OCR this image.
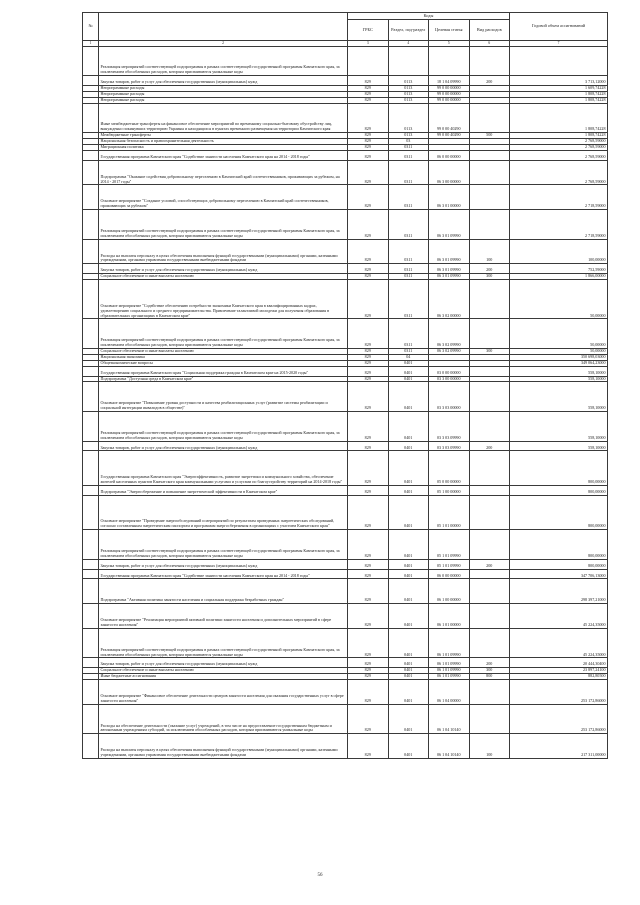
№		Коды				Годовой объем ассигнований
		ГРБС	Раздел, под-раздел	Целевая статья	Вид расходов	
1	2	3	4	5	6	7
	Реализация мероприятий соответствующей подпрограммы в рамках соответствующей государственной программы Камчатского края, за исключением обособленных расходов, которым присваиваются уникальные коды					
	Закупка товаров, работ и услуг для обеспечения государственных (муниципальных) нужд	829	0113	18 1 04 09990	200	3 713,12000
	Непрограммные расходы	829	0113	99 0 00 00000		1 609,74228
	Непрограммные расходы	829	0113	99 0 00 00000		1 808,74228
	Непрограммные расходы	829	0113	99 0 00 00000		1 808,74228
	Иные межбюджетные трансферты на финансовое обеспечение мероприятий по временному социально-бытовому обустройству лиц, вынужденно покинувших территорию Украины и находящихся в пунктах временного размещения на территории Камчатского края	829	0113	99 0 00 40290		1 808,74228
	Межбюджетные трансферты	829	0113	99 0 00 40290	500	1 808,74228
	Национальная безопасность и правоохранительная деятельность	829	03			2 768,59000
	Миграционная политика	829	0311			2 768,59000
	Государственная программа Камчатского края "Содействие занятости населения Камчатского края на 2014 - 2018 годы"	829	0311	06 0 00 00000		2 768,59000
	Подпрограмма "Оказание содействия добровольному переселению в Камчатский край соотечественников, проживающих за рубежом, на 2014 - 2017 годы"	829	0311	06 3 00 00000		2 768,59000
	Основное мероприятие "Создание условий, способствующих добровольному переселению в Камчатский край соотечественников, проживающих за рубежом"	829	0311	06 3 01 00000		2 718,59000
	Реализация мероприятий соответствующей подпрограммы в рамках соответствующей государственной программы Камчатского края, за исключением обособленных расходов, которым присваиваются уникальные коды	829	0311	06 3 01 09990		2 718,59000
	Расходы на выплаты персоналу в целях обеспечения выполнения функций государственными (муниципальными) органами, казенными учреждениями, органами управления государственными внебюджетными фондами	829	0311	06 3 01 09990	100	100,00000
	Закупка товаров, работ и услуг для обеспечения государственных (муниципальных) нужд	829	0311	06 3 01 09990	200	752,59000
	Социальное обеспечение и иные выплаты населению	829	0311	06 3 01 09990	300	1 866,00000
	Основное мероприятие "Содействие обеспечению потребности экономики Камчатского края в квалифицированных кадрах, удовлетворению социального и среднего предпринимательства. Привлечение талантливой молодежи для получения образования в образовательных организациях в Камчатском крае"	829	0311	06 3 02 00000		50,00000
	Реализация мероприятий соответствующей подпрограммы в рамках соответствующей государственной программы Камчатского края, за исключением обособленных расходов, которым присваиваются уникальные коды	829	0311	06 3 02 09990		50,00000
	Социальное обеспечение и иные выплаты населению	829	0311	06 3 02 09990	300	50,00000
	Национальная экономика	829	04			350 698,03000
	Общеэкономические вопросы	829	0401			349 064,23000
	Государственная программа Камчатского края "Социальная поддержка граждан в Камчатском крае на 2015-2020 годы"	829	0401	03 0 00 00000		558,10000
	Подпрограмма "Доступная среда в Камчатском крае"	829	0401	03 3 00 00000		558,10000
	Основное мероприятие "Повышение уровня доступности и качества реабилитационных услуг (развитие системы реабилитации и социальной интеграции инвалидов в обществе)"	829	0401	03 3 03 00000		558,10000
	Реализация мероприятий соответствующей подпрограммы в рамках соответствующей государственной программы Камчатского края, за исключением обособленных расходов, которым присваиваются уникальные коды	829	0401	03 3 03 09990		558,10000
	Закупка товаров, работ и услуг для обеспечения государственных (муниципальных) нужд	829	0401	03 3 03 09990	200	558,10000
	Государственная программа Камчатского края "Энергоэффективность, развитие энергетики и коммунального хозяйства, обеспечение жителей населенных пунктов Камчатского края коммунальными услугами и услугами по благоустройству территорий на 2014-2018 годы"	829	0401	05 0 00 00000		800,00000
	Подпрограмма "Энергосбережение и повышение энергетической эффективности в Камчатском крае"	829	0401	05 1 00 00000		800,00000
	Основное мероприятие "Проведение энергообследований и мероприятий по результатам проведенных энергетических обследований, согласно составленным энергетическим паспортам и программам энергосбережения в организациях с участием Камчатского края"	829	0401	05 1 01 00000		800,00000
	Реализация мероприятий соответствующей подпрограммы в рамках соответствующей государственной программы Камчатского края, за исключением обособленных расходов, которым присваиваются уникальные коды	829	0401	05 1 01 09990		800,00000
	Закупка товаров, работ и услуг для обеспечения государственных (муниципальных) нужд	829	0401	05 1 01 09990	200	800,00000
	Государственная программа Камчатского края "Содействие занятости населения Камчатского края на 2014 - 2018 годы"	829	0401	06 0 00 00000		347 706,13000
	Подпрограмма "Активная политика занятости населения и социальная поддержка безработных граждан"	829	0401	06 1 00 00000		298 397,21000
	Основное мероприятие "Реализация мероприятий активной политики занятости населения и дополнительных мероприятий в сфере занятости населения"	829	0401	06 1 01 00000		45 224,35000
	Реализация мероприятий соответствующей подпрограммы в рамках соответствующей государственной программы Камчатского края, за исключением обособленных расходов, которым присваиваются уникальные коды	829	0401	06 1 01 09990		45 224,35000
	Закупка товаров, работ и услуг для обеспечения государственных (муниципальных) нужд	829	0401	06 1 01 09990	200	20 444,30400
	Социальное обеспечение и иные выплаты населению	829	0401	06 1 01 09990	300	23 897,24100
	Иные бюджетные ассигнования	829	0401	06 1 01 09990	800	882,80500
	Основное мероприятие "Финансовое обеспечение деятельности центров занятости населения для оказания государственных услуг в сфере занятости населения"	829	0401	06 1 04 00000		253 172,86000
	Расходы на обеспечение деятельности (оказание услуг) учреждений, в том числе на предоставление государственным бюджетным и автономным учреждениям субсидий, за исключением обособленных расходов, которым присваиваются уникальные коды	829	0401	06 1 04 10140		253 172,86000
	Расходы на выплаты персоналу в целях обеспечения выполнения функций государственными (муниципальными) органами, казенными учреждениями, органами управления государственными внебюджетными фондами	829	0401	06 1 04 10140	100	217 311,00000
56
